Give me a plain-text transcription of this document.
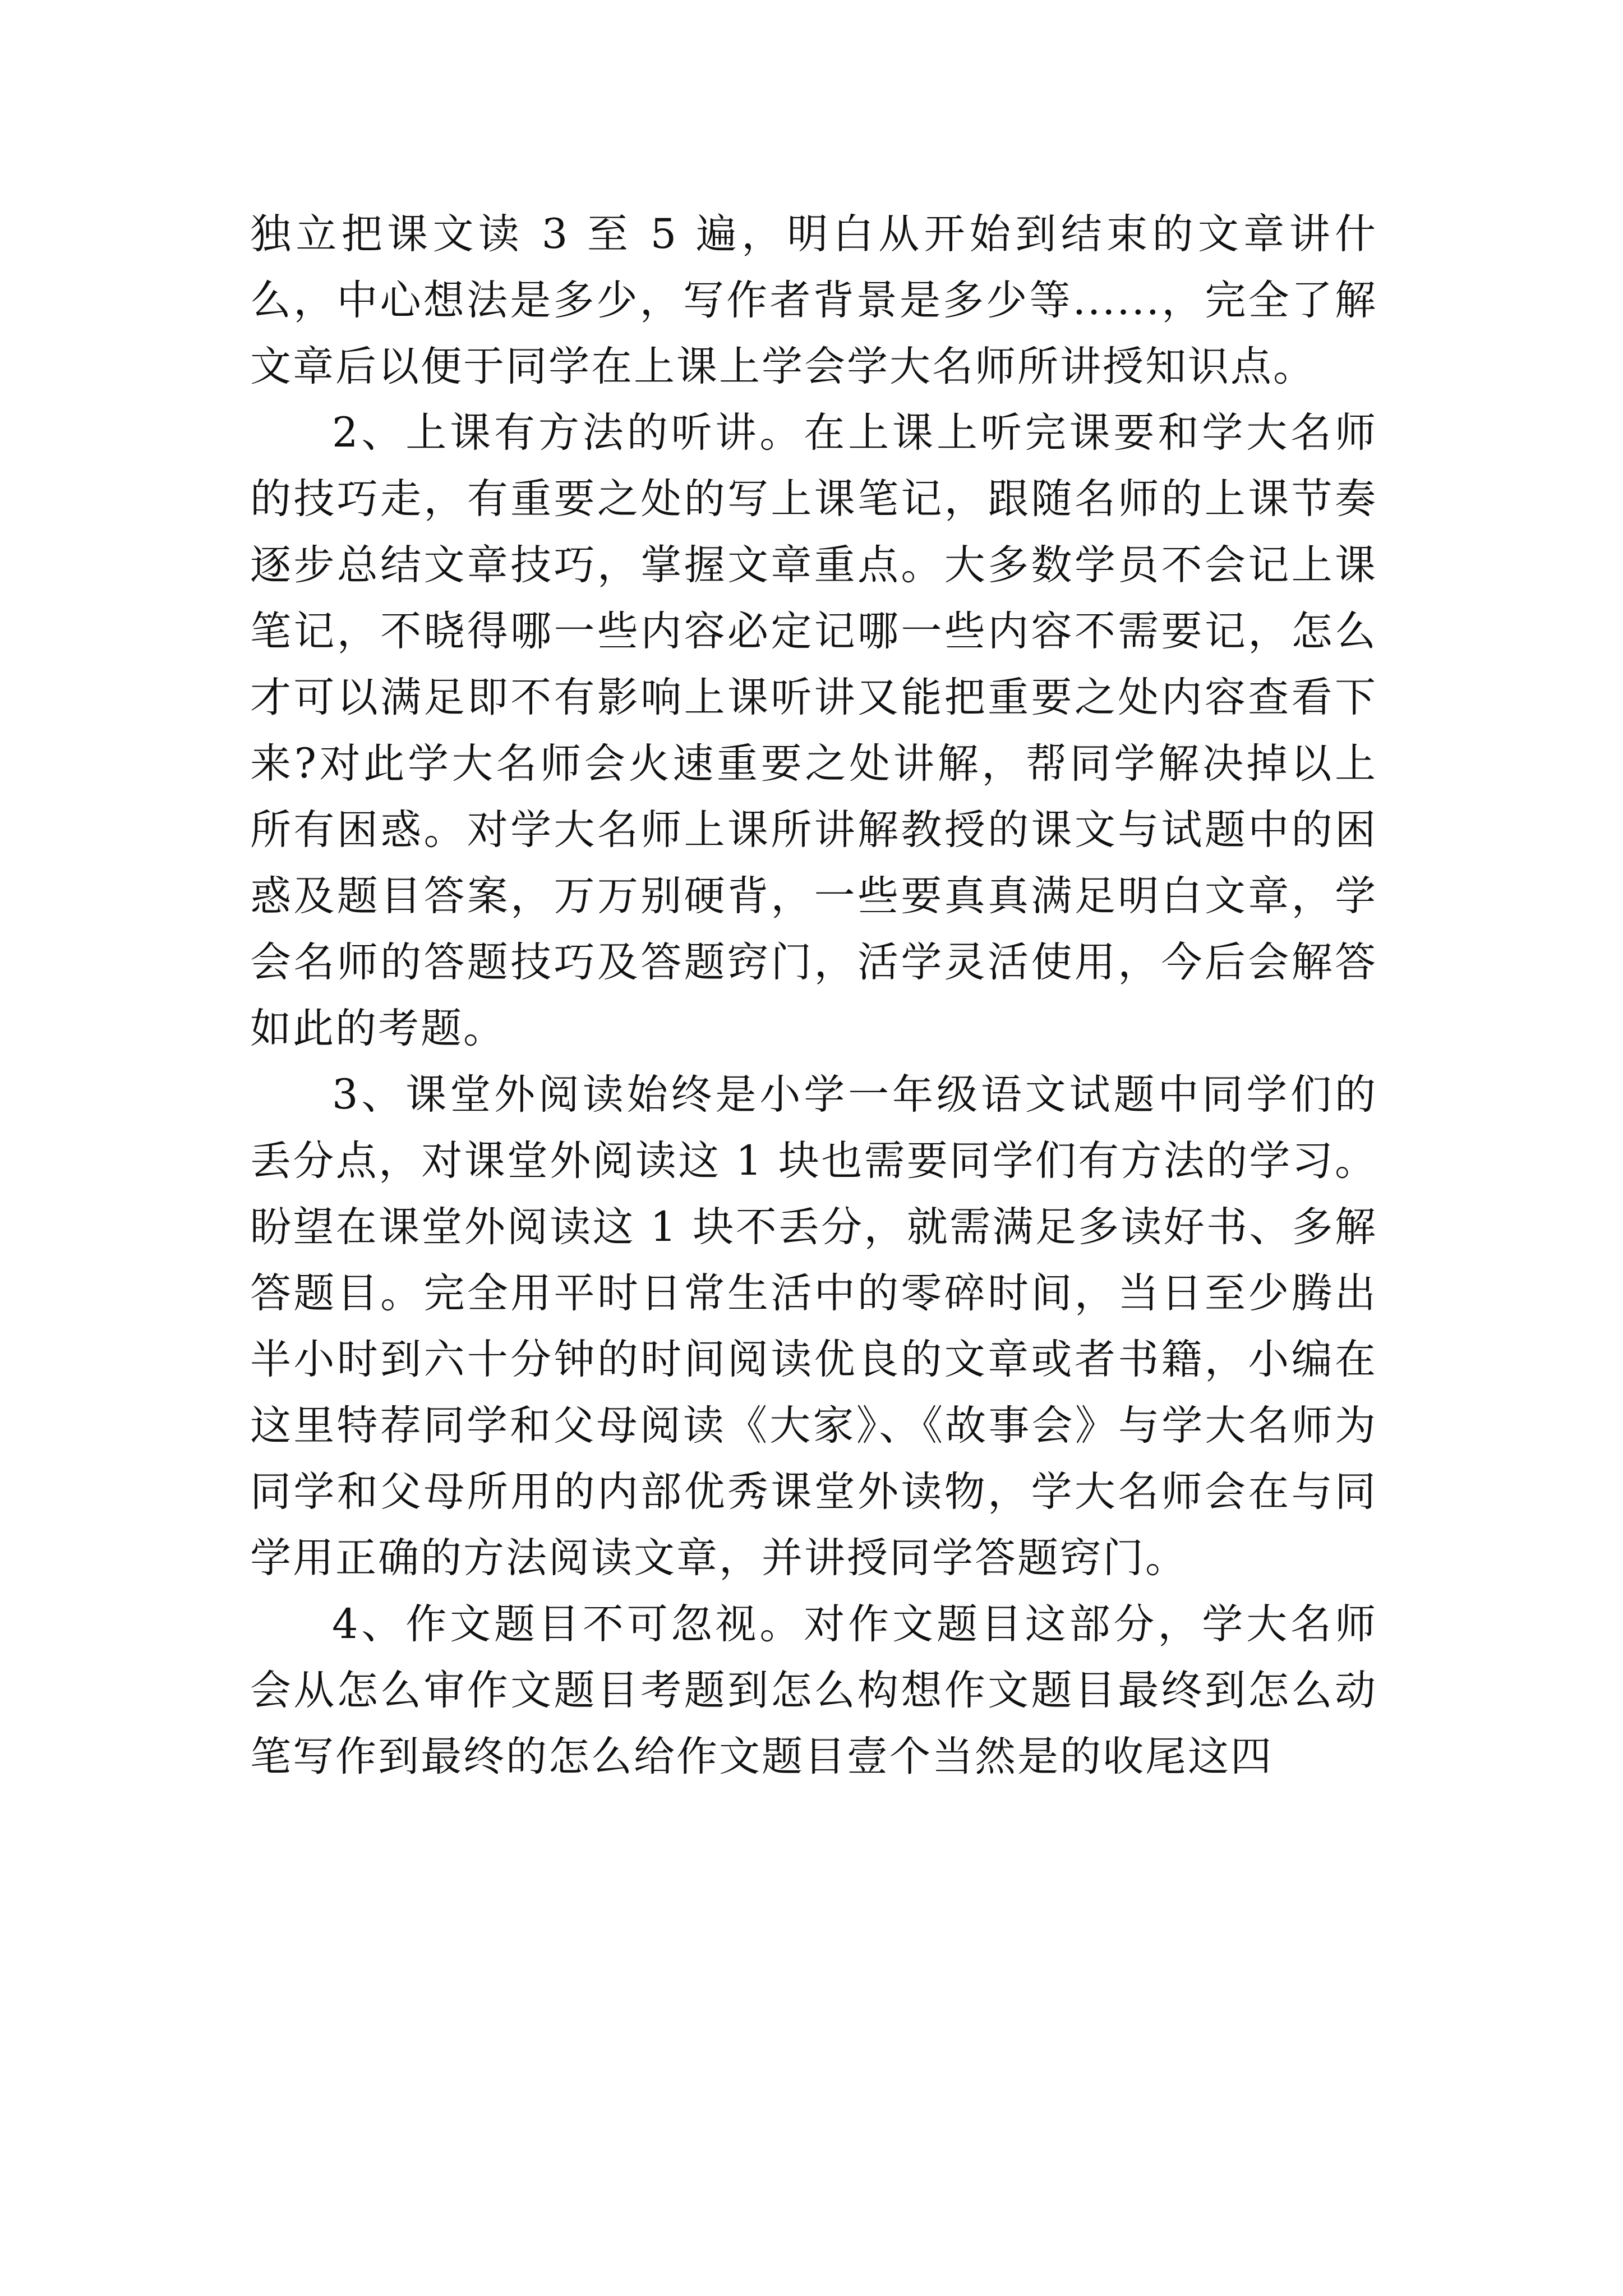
独立把课文读 3 至 5 遍，明白从开始到结束的文章讲什么，中心想法是多少，写作者背景是多少等......，完全了解文章后以便于同学在上课上学会学大名师所讲授知识点。

2、上课有方法的听讲。在上课上听完课要和学大名师的技巧走，有重要之处的写上课笔记，跟随名师的上课节奏逐步总结文章技巧，掌握文章重点。大多数学员不会记上课笔记，不晓得哪一些内容必定记哪一些内容不需要记，怎么才可以满足即不有影响上课听讲又能把重要之处内容查看下来?对此学大名师会火速重要之处讲解，帮同学解决掉以上所有困惑。对学大名师上课所讲解教授的课文与试题中的困惑及题目答案，万万别硬背，一些要真真满足明白文章，学会名师的答题技巧及答题窍门，活学灵活使用，今后会解答如此的考题。

3、课堂外阅读始终是小学一年级语文试题中同学们的丢分点，对课堂外阅读这 1 块也需要同学们有方法的学习。盼望在课堂外阅读这 1 块不丢分，就需满足多读好书、多解答题目。完全用平时日常生活中的零碎时间，当日至少腾出半小时到六十分钟的时间阅读优良的文章或者书籍，小编在这里特荐同学和父母阅读《大家》、《故事会》与学大名师为同学和父母所用的内部优秀课堂外读物，学大名师会在与同学用正确的方法阅读文章，并讲授同学答题窍门。

4、作文题目不可忽视。对作文题目这部分，学大名师会从怎么审作文题目考题到怎么构想作文题目最终到怎么动笔写作到最终的怎么给作文题目壹个当然是的收尾这四
